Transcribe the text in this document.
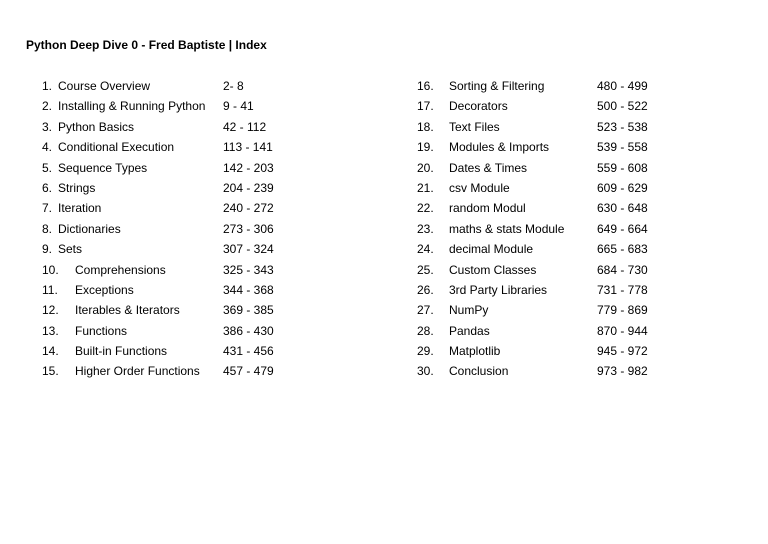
Python Deep Dive 0 - Fred Baptiste | Index
1. Course Overview	2- 8
2. Installing & Running Python 9 - 41
3. Python Basics	42 - 112
4. Conditional Execution	113 - 141
5. Sequence Types	142 - 203
6. Strings	204 - 239
7. Iteration	240 - 272
8. Dictionaries	273 - 306
9. Sets	307 - 324
10. Comprehensions	325 - 343
11. Exceptions	344 - 368
12. Iterables & Iterators	369 - 385
13. Functions	386 - 430
14. Built-in Functions	431 - 456
15. Higher Order Functions 457 - 479
16. Sorting & Filtering	480 - 499
17. Decorators	500 - 522
18. Text Files	523 - 538
19. Modules & Imports	539 - 558
20. Dates & Times	559 - 608
21. csv Module	609 - 629
22. random Modul	630 - 648
23. maths & stats Module	649 - 664
24. decimal Module	665 - 683
25. Custom Classes	684 - 730
26. 3rd Party Libraries	731 - 778
27. NumPy	779 - 869
28. Pandas	870 - 944
29. Matplotlib	945 - 972
30. Conclusion	973 - 982
